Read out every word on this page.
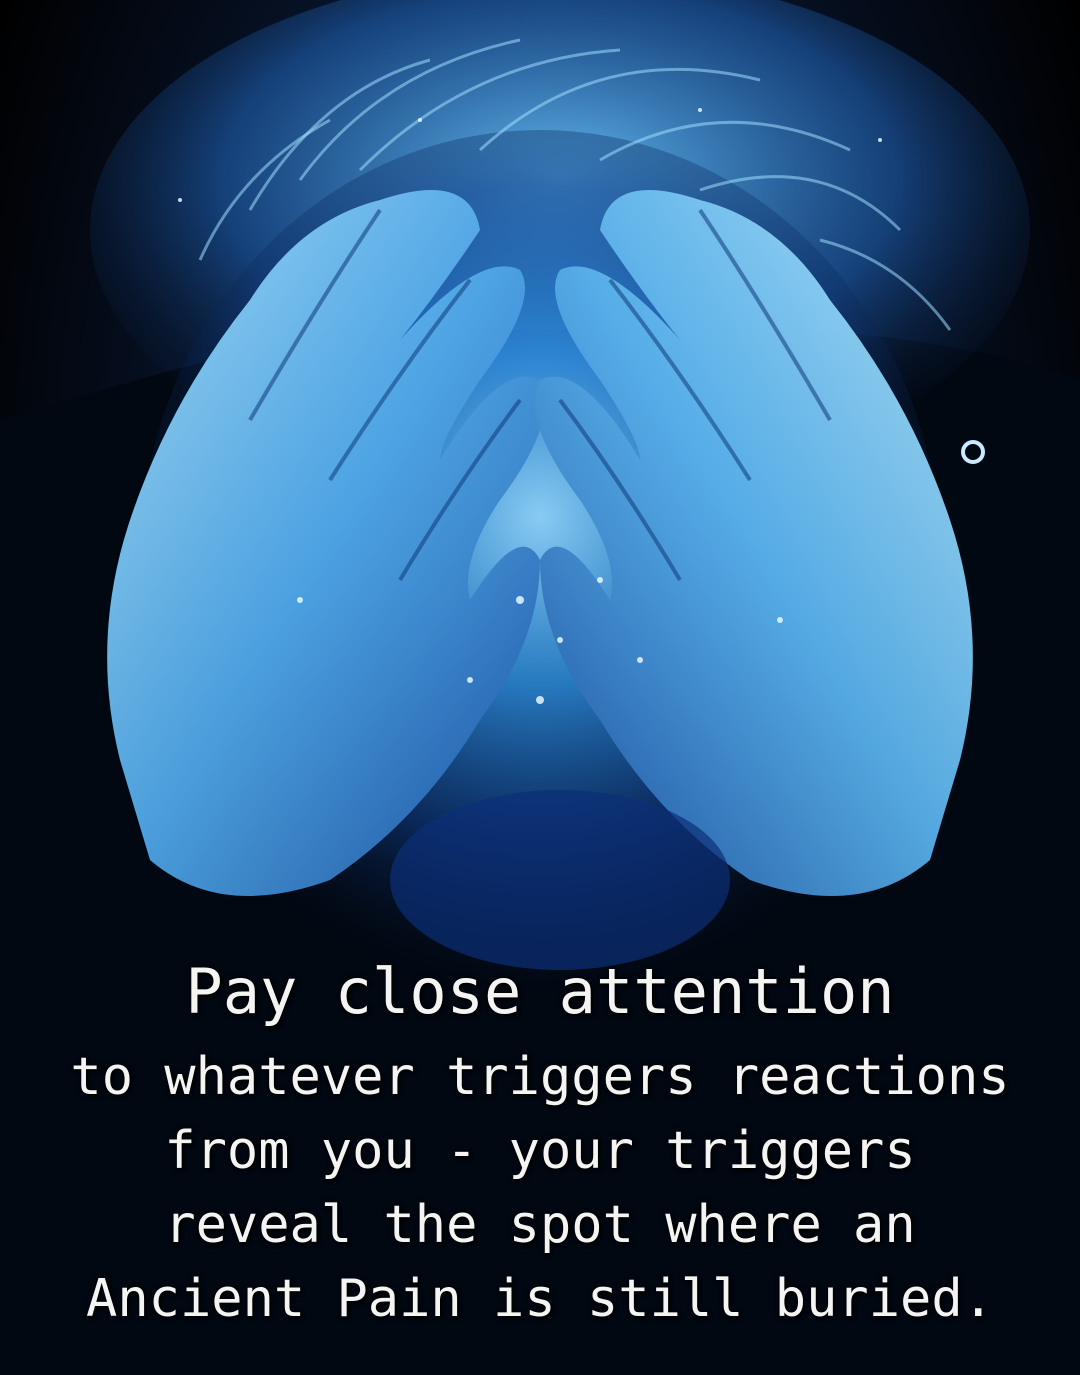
Pay close attention
to whatever triggers reactions
from you - your triggers
reveal the spot where an
Ancient Pain is still buried.
